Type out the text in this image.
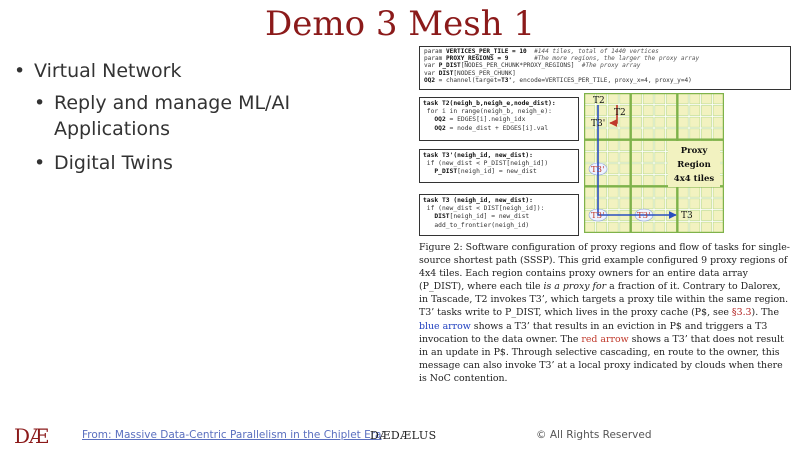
Demo 3 Mesh 1
• Virtual Network
• Reply and manage ML/AI Applications
• Digital Twins
param VERTICES_PER_TILE = 10 #144 tiles, total of 1440 vertices
param PROXY_REGIONS = 9	#The more regions, the larger the proxy array
var P_DIST[NODES_PER_CHUNK*PROXY_REGIONS]  #The proxy array
var DIST[NODES_PER_CHUNK]
OQ2 = channel(target=T3', encode=VERTICES_PER_TILE, proxy_x=4, proxy_y=4)
task T2(neigh_b,neigh_e,node_dist):
for i in range(neigh_b, neigh_e):
OQ2 = EDGES[i].neigh_idx
OQ2 = node_dist + EDGES[i].val
task T3'(neigh_id, new_dist):
if (new_dist < P_DIST[neigh_id])
P_DIST[neigh_id] = new_dist
task T3 (neigh_id, new_dist):
if (new_dist < DIST[neigh_id]):
DIST[neigh_id] = new_dist
add_to_frontier(neigh_id)
T2
T2
T3'
Proxy
Region
4x4 tiles
T3'
T3'	T3'	T3
Figure 2: Software configuration of proxy regions and flow of tasks for single-source shortest path (SSSP). This grid example configured 9 proxy regions of 4x4 tiles. Each region contains proxy owners for an entire data array (P_DIST), where each tile is a proxy for a fraction of it. Contrary to Dalorex, in Tascade, T2 invokes T3’, which targets a proxy tile within the same region. T3’ tasks write to P_DIST, which lives in the proxy cache (P$, see §3.3). The blue arrow shows a T3’ that results in an eviction in P$ and triggers a T3 invocation to the data owner. The red arrow shows a T3’ that does not result in an update in P$. Through selective cascading, en route to the owner, this message can also invoke T3’ at a local proxy indicated by clouds when there is NoC contention.
DÆ	From: Massive Data-Centric Parallelism in the Chiplet Era
DÆDÆLUS	© All Rights Reserved
